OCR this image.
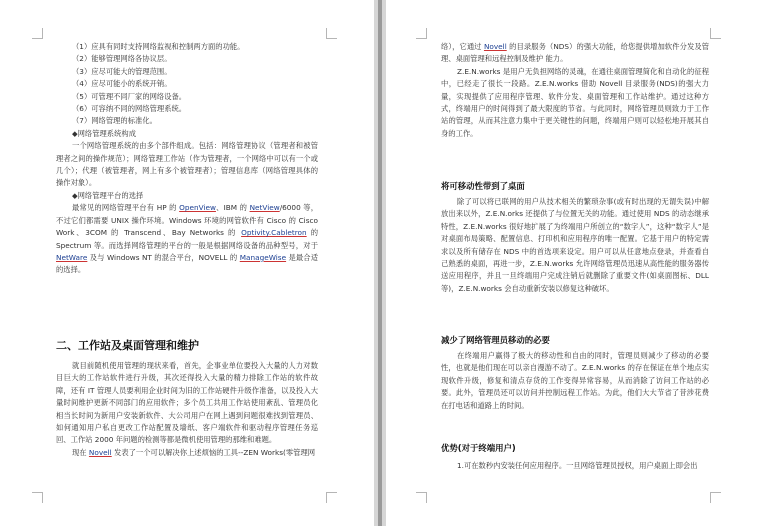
（1）应具有同时支持网络监视和控制两方面的功能。

（2）能够管理网络各协议层。

（3）应尽可能大的管理范围。

（4）应尽可能小的系统开销。

（5）可管理不同厂家的网络设备。

（6）可容纳不同的网络管理系统。

（7）网络管理的标准化。

◆网络管理系统构成

一个网络管理系统的由多个部件组成。包括：网络管理协议（管理者和被管理者之间的操作规范）；网络管理工作站（作为管理者，一个网络中可以有一个或几个）；代理（被管理者，网上有多个被管理者）；管理信息库（网络管理具体的操作对象）。

◆网络管理平台的选择

最常见的网络管理平台有 HP 的 OpenView、IBM 的 NetView/6000 等，不过它们都需要 UNIX 操作环境。Windows 环境的网管软件有 Cisco 的 Cisco Work、3COM 的 Transcend、Bay Networks 的 Optivity.Cabletron 的 Spectrum 等。而选择网络管理的平台的一般是根据网络设备的品种型号，对于 NetWare 及与 Windows NT 的混合平台，NOVELL 的 ManageWise 是最合适的选择。

二、工作站及桌面管理和维护

就目前随机使用管理的现状来看，首先，企事业单位要投入大量的人力对数目巨大的工作站软件进行升级，其次还得投入大量的精力排除工作站的软件故障，还有 IT 管理人员要利用企业时间为旧的工作站硬件升级作准备，以及投入大量时间维护更新不同部门的应用软件；多个员工共用工作站使用紊乱、管理员化相当长时间为新用户安装新软件、大公司用户在网上遇到问题很难找到管理员、如何通知用户私自更改工作站配置及墙纸、客户端软件和驱动程序管理任务巡回、工作站 2000 年问题的检测等都是微机使用管理的那维和难题。

现在 Novell 发表了一个可以解决你上述烦恼的工具--ZEN Works(零管理网

络），它通过 Novell 的目录服务（NDS）的强大功能，给您提供增加软件分发及管理、桌面管理和远程控制及维护 能力。

Z.E.N.works 是用户无负担网络的灵魂，在通往桌面管理简化和自动化的征程中，已经走了很长一段路。Z.E.N.works 借助 Novell 目录服务(NDS)的强大力量，实现提供了应用程序管理、软件分发、桌面管理和工作站维护。通过这种方式，终端用户的时间得到了最大限度的节省。与此同时，网络管理员则致力于工作站的管理，从而其注意力集中于更关键性的问题，终端用户则可以轻松地开展其自身的工作。

将可移动性带到了桌面

除了可以将已联网的用户从技术相关的繁琐杂事(或有时出现的无谓失误)中解放出来以外，Z.E.N.orks 还提供了与位置无关的功能。通过使用 NDS 的动态继承特性，Z.E.N.works 很好地扩展了为终端用户所创立的“数字人”，这种“数字人”是对桌面布局策略、配置信息、打印机和应用程序的唯一配置。它基于用户的特定需求以及所有储存在 NDS 中的首选项来设定。用户可以从任意地点登录，并查看自己熟悉的桌面，再进一步，Z.E.N.works 允许网络管理员迅速从高性能的服务器传送应用程序，并且一旦终端用户完成注销后就删除了重要文件(如桌面图标、DLL 等)，Z.E.N.works 会自动重新安装以修复这种破坏。

减少了网络管理员移动的必要

在终端用户赢得了极大的移动性和自由的同时，管理员则减少了移动的必要性，也就是他们现在可以亲自漫游不动了。Z.E.N.works 的存在保证在单个地点实现软件升级，修复和清点存货的工作变得异常容易，从而消除了访问工作站的必要。此外，管理员还可以访问并控制远程工作站。为此，他们大大节省了昔涉花费在打电话和道路上的时间。

优势(对于终端用户)

1.可在数秒内安装任何应用程序。一旦网络管理员授权，用户桌面上即会出
